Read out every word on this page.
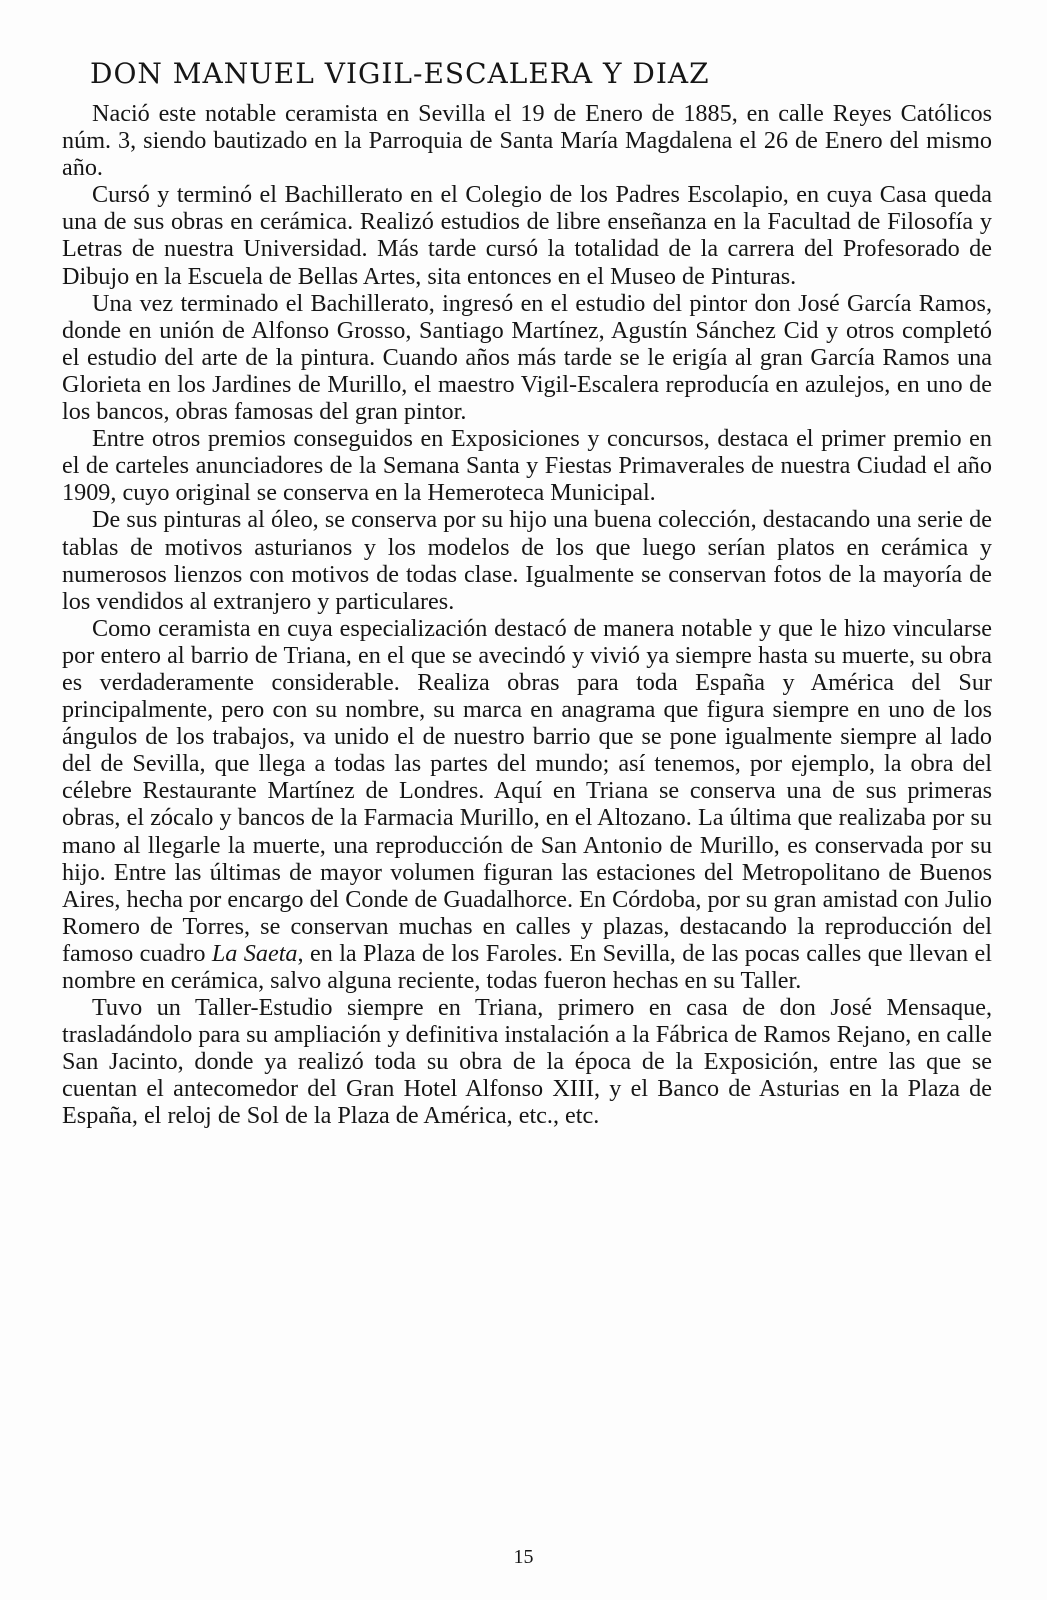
DON MANUEL VIGIL-ESCALERA Y DIAZ

Nació este notable ceramista en Sevilla el 19 de Enero de 1885, en calle Reyes Católicos núm. 3, siendo bautizado en la Parroquia de Santa María Magdalena el 26 de Enero del mismo año.

Cursó y terminó el Bachillerato en el Colegio de los Padres Escolapio, en cuya Casa queda una de sus obras en cerámica. Realizó estudios de libre enseñanza en la Facultad de Filosofía y Letras de nuestra Universidad. Más tarde cursó la totalidad de la carrera del Profesorado de Dibujo en la Escuela de Bellas Artes, sita entonces en el Museo de Pinturas.

Una vez terminado el Bachillerato, ingresó en el estudio del pintor don José García Ramos, donde en unión de Alfonso Grosso, Santiago Martínez, Agustín Sánchez Cid y otros completó el estudio del arte de la pintura. Cuando años más tarde se le erigía al gran García Ramos una Glorieta en los Jardines de Murillo, el maestro Vigil-Escalera reproducía en azulejos, en uno de los bancos, obras famosas del gran pintor.

Entre otros premios conseguidos en Exposiciones y concursos, destaca el primer premio en el de carteles anunciadores de la Semana Santa y Fiestas Primaverales de nuestra Ciudad el año 1909, cuyo original se conserva en la Hemeroteca Municipal.

De sus pinturas al óleo, se conserva por su hijo una buena colección, destacando una serie de tablas de motivos asturianos y los modelos de los que luego serían platos en cerámica y numerosos lienzos con motivos de todas clase. Igualmente se conservan fotos de la mayoría de los vendidos al extranjero y particulares.

Como ceramista en cuya especialización destacó de manera notable y que le hizo vincularse por entero al barrio de Triana, en el que se avecindó y vivió ya siempre hasta su muerte, su obra es verdaderamente considerable. Realiza obras para toda España y América del Sur principalmente, pero con su nombre, su marca en anagrama que figura siempre en uno de los ángulos de los trabajos, va unido el de nuestro barrio que se pone igualmente siempre al lado del de Sevilla, que llega a todas las partes del mundo; así tenemos, por ejemplo, la obra del célebre Restaurante Martínez de Londres. Aquí en Triana se conserva una de sus primeras obras, el zócalo y bancos de la Farmacia Murillo, en el Altozano. La última que realizaba por su mano al llegarle la muerte, una reproducción de San Antonio de Murillo, es conservada por su hijo. Entre las últimas de mayor volumen figuran las estaciones del Metropolitano de Buenos Aires, hecha por encargo del Conde de Guadalhorce. En Córdoba, por su gran amistad con Julio Romero de Torres, se conservan muchas en calles y plazas, destacando la reproducción del famoso cuadro La Saeta, en la Plaza de los Faroles. En Sevilla, de las pocas calles que llevan el nombre en cerámica, salvo alguna reciente, todas fueron hechas en su Taller.

Tuvo un Taller-Estudio siempre en Triana, primero en casa de don José Mensaque, trasladándolo para su ampliación y definitiva instalación a la Fábrica de Ramos Rejano, en calle San Jacinto, donde ya realizó toda su obra de la época de la Exposición, entre las que se cuentan el antecomedor del Gran Hotel Alfonso XIII, y el Banco de Asturias en la Plaza de España, el reloj de Sol de la Plaza de América, etc., etc.

15
